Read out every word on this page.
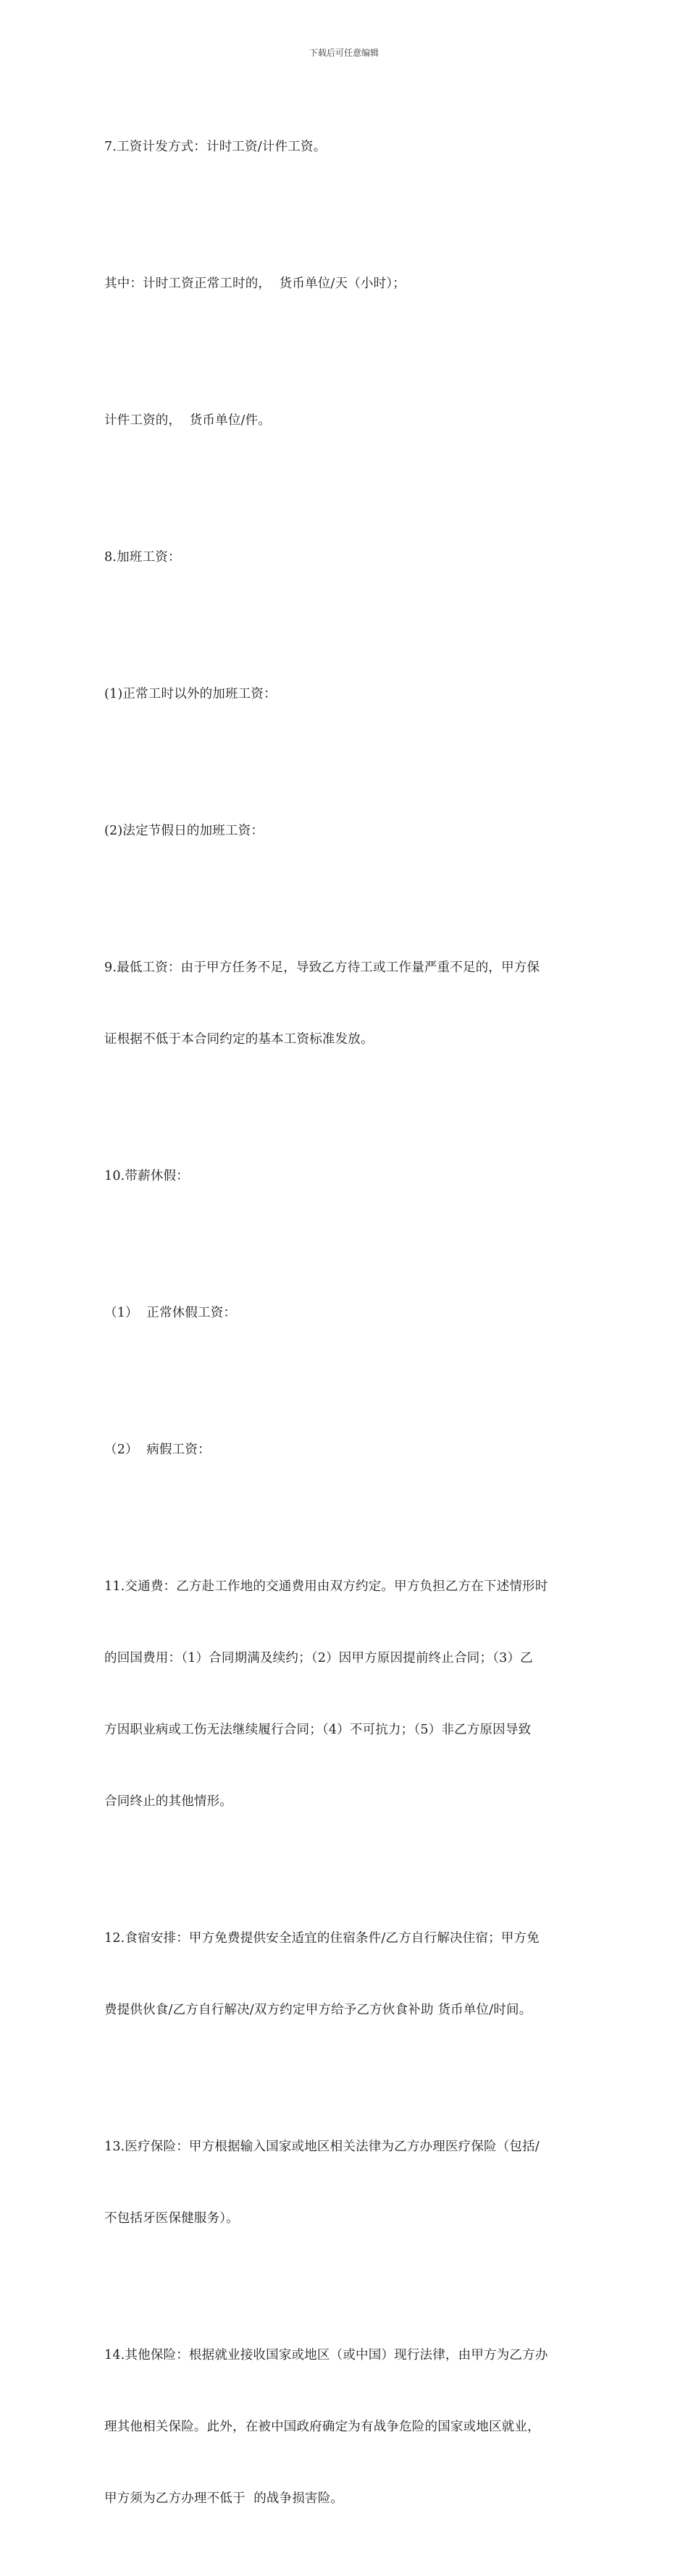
下载后可任意编辑

7.工资计发方式：计时工资/计件工资。

其中：计时工资正常工时的，  货币单位/天（小时）；

计件工资的，  货币单位/件。

8.加班工资：

(1)正常工时以外的加班工资：

(2)法定节假日的加班工资：

9.最低工资：由于甲方任务不足，导致乙方待工或工作量严重不足的，甲方保

证根据不低于本合同约定的基本工资标准发放。

10.带薪休假：

（1）  正常休假工资：

（2）  病假工资：

11.交通费：乙方赴工作地的交通费用由双方约定。甲方负担乙方在下述情形时

的回国费用：（1）合同期满及续约；（2）因甲方原因提前终止合同；（3）乙

方因职业病或工伤无法继续履行合同；（4）不可抗力；（5）非乙方原因导致

合同终止的其他情形。

12.食宿安排：甲方免费提供安全适宜的住宿条件/乙方自行解决住宿；甲方免

费提供伙食/乙方自行解决/双方约定甲方给予乙方伙食补助 货币单位/时间。

13.医疗保险：甲方根据输入国家或地区相关法律为乙方办理医疗保险（包括/

不包括牙医保健服务）。

14.其他保险：根据就业接收国家或地区（或中国）现行法律，由甲方为乙方办

理其他相关保险。此外，在被中国政府确定为有战争危险的国家或地区就业，

甲方须为乙方办理不低于  的战争损害险。
